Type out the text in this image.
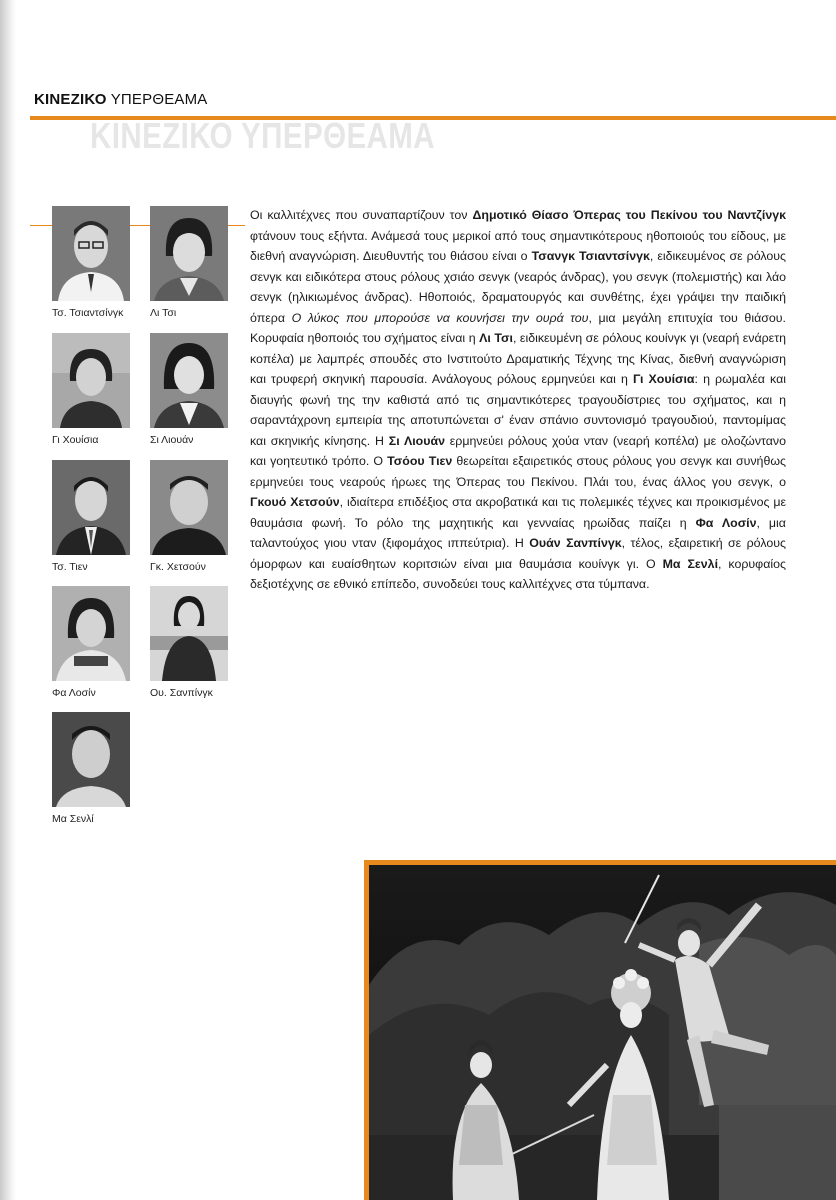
ΚΙΝΕΖΙΚΟ ΥΠΕΡΘΕΑΜΑ
ΚΙΝΕΖΙΚΟ ΥΠΕΡΘΕΑΜΑ
Τσ. Τσιαντσίνγκ	Λι Τσι
Γι Χουίσια	Σι Λιουάν
Τσ. Τιεν	Γκ. Χετσούν
Φα Λοσίν	Ου. Σανπίνγκ
Μα Σενλί
Οι καλλιτέχνες που συναπαρτίζουν τον Δημοτικό Θίασο Όπερας του Πεκίνου του Ναντζίνγκ φτάνουν τους εξήντα. Ανάμεσά τους μερικοί από τους σημαντικότερους ηθοποιούς του είδους, με διεθνή αναγνώριση. Διευθυντής του θιάσου είναι ο Τσανγκ Τσιαντσίνγκ, ειδικευμένος σε ρόλους σενγκ και ειδικότερα στους ρόλους χσιάο σενγκ (νεαρός άνδρας), γου σενγκ (πολεμιστής) και λάο σενγκ (ηλικιωμένος άνδρας). Ηθοποιός, δραματουργός και συνθέτης, έχει γράψει την παιδική όπερα Ο λύκος που μπορούσε να κουνήσει την ουρά του, μια μεγάλη επιτυχία του θιάσου. Κορυφαία ηθοποιός του σχήματος είναι η Λι Τσι, ειδικευμένη σε ρόλους κουίνγκ γι (νεαρή ενάρετη κοπέλα) με λαμπρές σπουδές στο Ινστιτούτο Δραματικής Τέχνης της Κίνας, διεθνή αναγνώριση και τρυφερή σκηνική παρουσία. Ανάλογους ρόλους ερμηνεύει και η Γι Χουίσια: η ρωμαλέα και διαυγής φωνή της την καθιστά από τις σημαντικότερες τραγουδίστριες του σχήματος, και η σαραντάχρονη εμπειρία της αποτυπώνεται σ' έναν σπάνιο συντονισμό τραγουδιού, παντομίμας και σκηνικής κίνησης. Η Σι Λιουάν ερμηνεύει ρόλους χούα νταν (νεαρή κοπέλα) με ολοζώντανο και γοητευτικό τρόπο. Ο Τσόου Τιεν θεωρείται εξαιρετικός στους ρόλους γου σενγκ και συνήθως ερμηνεύει τους νεαρούς ήρωες της Όπερας του Πεκίνου. Πλάι του, ένας άλλος γου σενγκ, ο Γκουό Χετσούν, ιδιαίτερα επιδέξιος στα ακροβατικά και τις πολεμικές τέχνες και προικισμένος με θαυμάσια φωνή. Το ρόλο της μαχητικής και γενναίας ηρωίδας παίζει η Φα Λοσίν, μια ταλαντούχος γιου νταν (ξιφομάχος ιππεύτρια). Η Ουάν Σανπίνγκ, τέλος, εξαιρετική σε ρόλους όμορφων και ευαίσθητων κοριτσιών είναι μια θαυμάσια κουίνγκ γι. Ο Μα Σενλί, κορυφαίος δεξιοτέχνης σε εθνικό επίπεδο, συνοδεύει τους καλλιτέχνες στα τύμπανα.
